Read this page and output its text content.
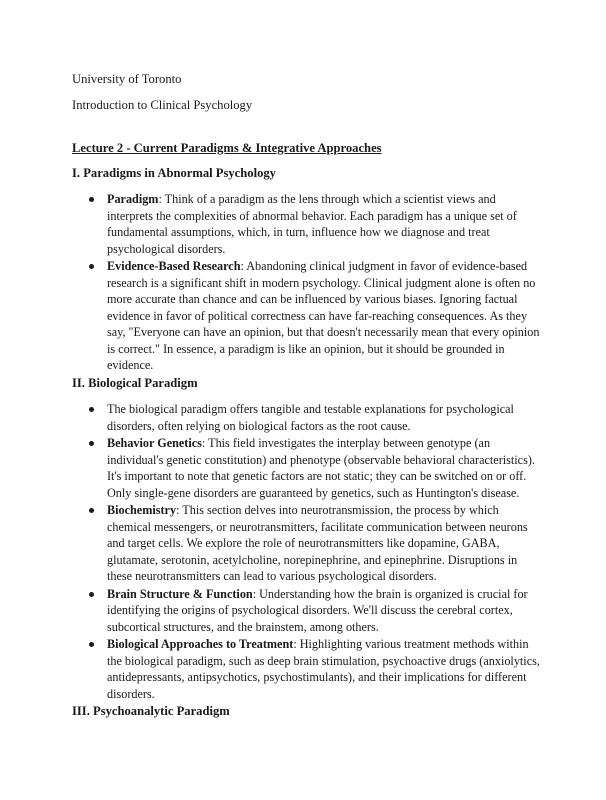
University of Toronto

Introduction to Clinical Psychology

Lecture 2 - Current Paradigms & Integrative Approaches

I. Paradigms in Abnormal Psychology

Paradigm: Think of a paradigm as the lens through which a scientist views and interprets the complexities of abnormal behavior. Each paradigm has a unique set of fundamental assumptions, which, in turn, influence how we diagnose and treat psychological disorders.
Evidence-Based Research: Abandoning clinical judgment in favor of evidence-based research is a significant shift in modern psychology. Clinical judgment alone is often no more accurate than chance and can be influenced by various biases. Ignoring factual evidence in favor of political correctness can have far-reaching consequences. As they say, "Everyone can have an opinion, but that doesn't necessarily mean that every opinion is correct." In essence, a paradigm is like an opinion, but it should be grounded in evidence.

II. Biological Paradigm

The biological paradigm offers tangible and testable explanations for psychological disorders, often relying on biological factors as the root cause.
Behavior Genetics: This field investigates the interplay between genotype (an individual's genetic constitution) and phenotype (observable behavioral characteristics). It's important to note that genetic factors are not static; they can be switched on or off. Only single-gene disorders are guaranteed by genetics, such as Huntington's disease.
Biochemistry: This section delves into neurotransmission, the process by which chemical messengers, or neurotransmitters, facilitate communication between neurons and target cells. We explore the role of neurotransmitters like dopamine, GABA, glutamate, serotonin, acetylcholine, norepinephrine, and epinephrine. Disruptions in these neurotransmitters can lead to various psychological disorders.
Brain Structure & Function: Understanding how the brain is organized is crucial for identifying the origins of psychological disorders. We'll discuss the cerebral cortex, subcortical structures, and the brainstem, among others.
Biological Approaches to Treatment: Highlighting various treatment methods within the biological paradigm, such as deep brain stimulation, psychoactive drugs (anxiolytics, antidepressants, antipsychotics, psychostimulants), and their implications for different disorders.

III. Psychoanalytic Paradigm
